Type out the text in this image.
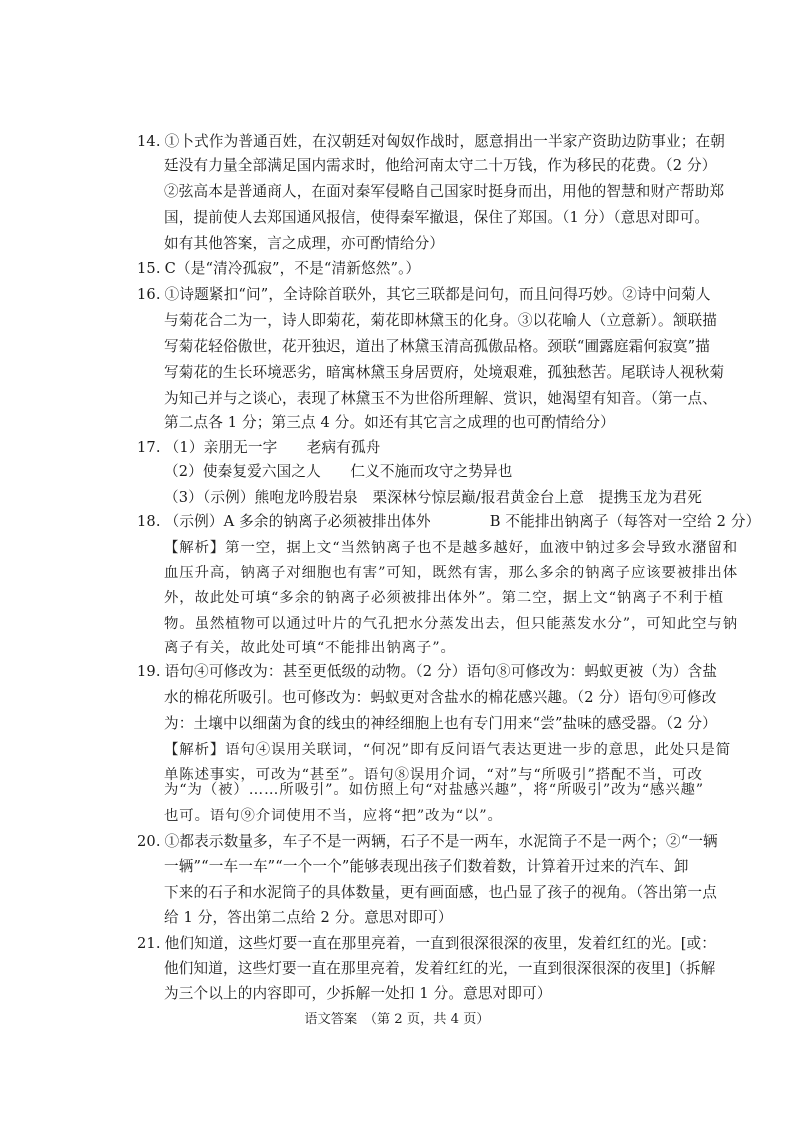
14. ①卜式作为普通百姓，在汉朝廷对匈奴作战时，愿意捐出一半家产资助边防事业；在朝
廷没有力量全部满足国内需求时，他给河南太守二十万钱，作为移民的花费。（2 分）
②弦高本是普通商人，在面对秦军侵略自己国家时挺身而出，用他的智慧和财产帮助郑
国，提前使人去郑国通风报信，使得秦军撤退，保住了郑国。（1 分）（意思对即可。
如有其他答案，言之成理，亦可酌情给分）
15. C（是“清冷孤寂”，不是“清新悠然”。）
16. ①诗题紧扣“问”，全诗除首联外，其它三联都是问句，而且问得巧妙。②诗中问菊人
与菊花合二为一，诗人即菊花，菊花即林黛玉的化身。③以花喻人（立意新）。颔联描
写菊花轻俗傲世，花开独迟，道出了林黛玉清高孤傲品格。颈联“圃露庭霜何寂寞”描
写菊花的生长环境恶劣，暗寓林黛玉身居贾府，处境艰难，孤独愁苦。尾联诗人视秋菊
为知己并与之谈心，表现了林黛玉不为世俗所理解、赏识，她渴望有知音。（第一点、
第二点各 1 分；第三点 4 分。如还有其它言之成理的也可酌情给分）
17. （1）亲朋无一字　　老病有孤舟
（2）使秦复爱六国之人　　仁义不施而攻守之势异也
（3）（示例）熊咆龙吟殷岩泉　栗深林兮惊层巅/报君黄金台上意　提携玉龙为君死
18. （示例）A 多余的钠离子必须被排出体外　　　　B 不能排出钠离子（每答对一空给 2 分）
【解析】第一空，据上文“当然钠离子也不是越多越好，血液中钠过多会导致水潴留和
血压升高，钠离子对细胞也有害”可知，既然有害，那么多余的钠离子应该要被排出体
外，故此处可填“多余的钠离子必须被排出体外”。第二空，据上文“钠离子不利于植
物。虽然植物可以通过叶片的气孔把水分蒸发出去，但只能蒸发水分”，可知此空与钠
离子有关，故此处可填“不能排出钠离子”。
19. 语句④可修改为：甚至更低级的动物。（2 分）语句⑧可修改为：蚂蚁更被（为）含盐
水的棉花所吸引。也可修改为：蚂蚁更对含盐水的棉花感兴趣。（2 分）语句⑨可修改
为：土壤中以细菌为食的线虫的神经细胞上也有专门用来“尝”盐味的感受器。（2 分）
【解析】语句④误用关联词，“何况”即有反问语气表达更进一步的意思，此处只是简
单陈述事实，可改为“甚至”。语句⑧误用介词，“对”与“所吸引”搭配不当，可改
为“为（被）……所吸引”。如仿照上句“对盐感兴趣”，将“所吸引”改为“感兴趣”
也可。语句⑨介词使用不当，应将“把”改为“以”。
20. ①都表示数量多，车子不是一两辆，石子不是一两车，水泥筒子不是一两个；②“一辆
一辆”“一车一车”“一个一个”能够表现出孩子们数着数，计算着开过来的汽车、卸
下来的石子和水泥筒子的具体数量，更有画面感，也凸显了孩子的视角。（答出第一点
给 1 分，答出第二点给 2 分。意思对即可）
21. 他们知道，这些灯要一直在那里亮着，一直到很深很深的夜里，发着红红的光。[或：
他们知道，这些灯要一直在那里亮着，发着红红的光，一直到很深很深的夜里]（拆解
为三个以上的内容即可，少拆解一处扣 1 分。意思对即可）
语文答案　（第 2 页，共 4 页）
